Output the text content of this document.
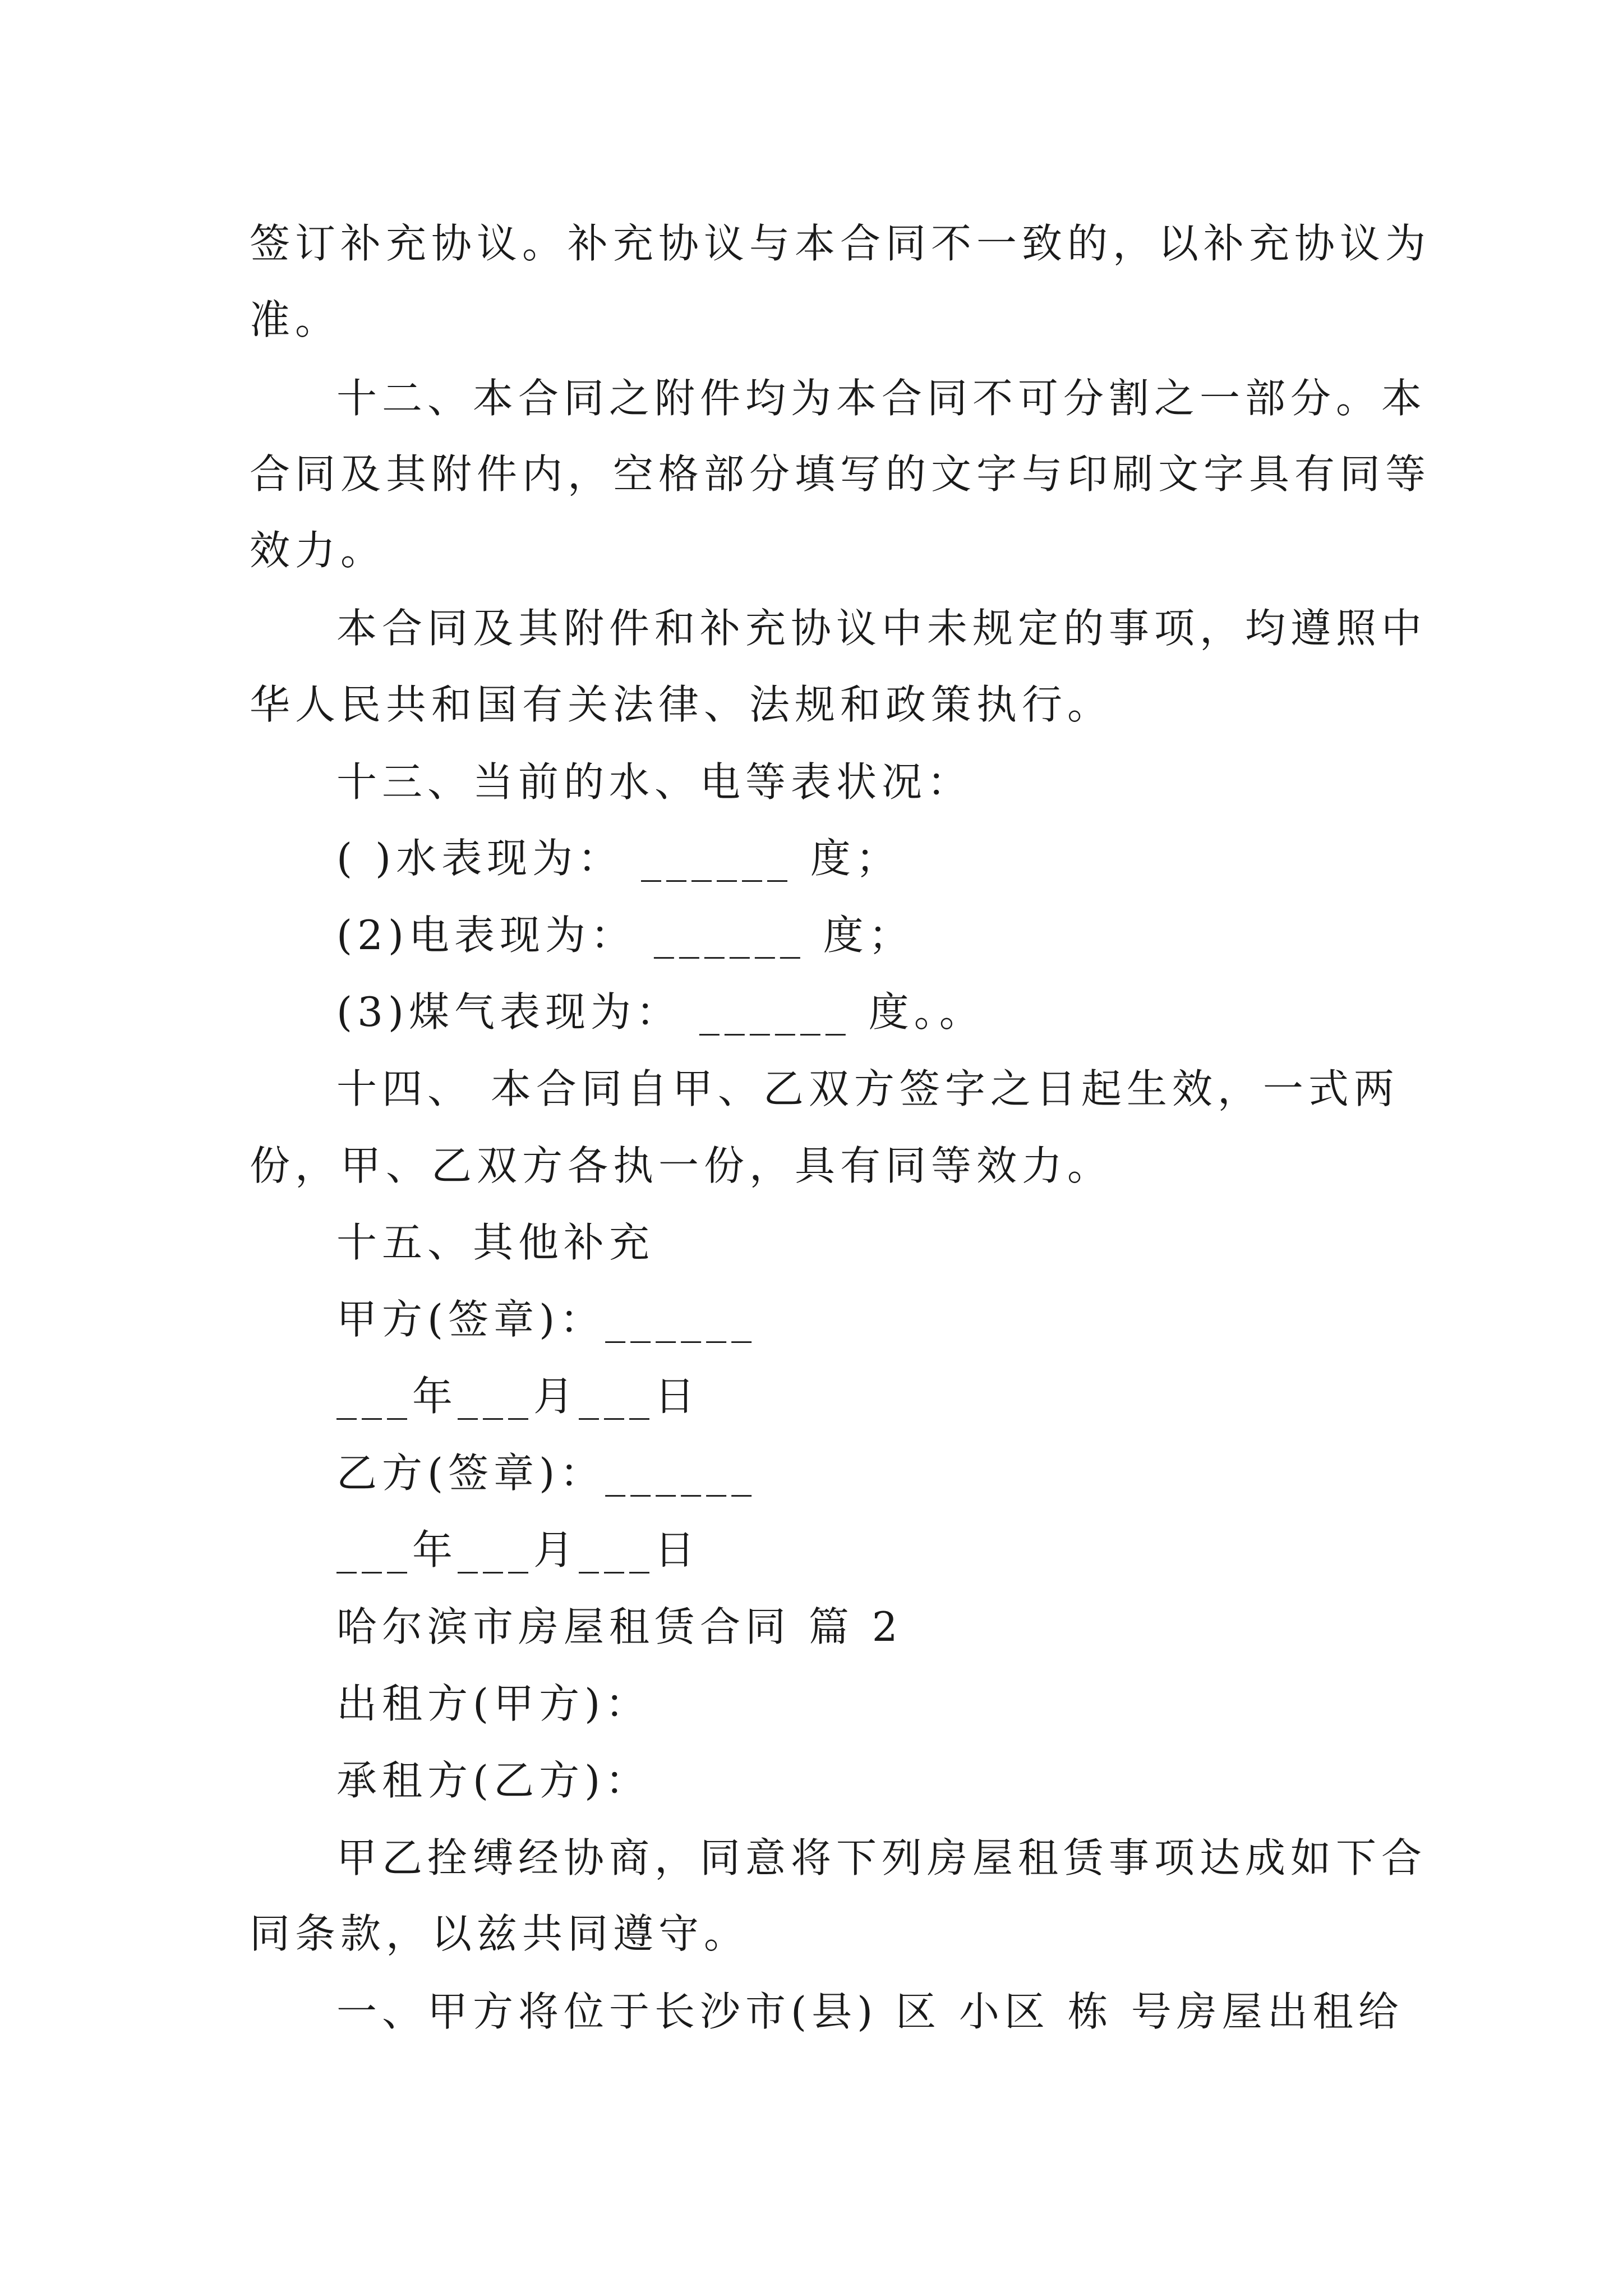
签订补充协议。补充协议与本合同不一致的，以补充协议为
准。
十二、本合同之附件均为本合同不可分割之一部分。本
合同及其附件内，空格部分填写的文字与印刷文字具有同等
效力。
本合同及其附件和补充协议中未规定的事项，均遵照中
华人民共和国有关法律、法规和政策执行。
十三、当前的水、电等表状况：
( )水表现为： ______ 度；
(2)电表现为： ______ 度；
(3)煤气表现为： ______ 度。。
十四、 本合同自甲、乙双方签字之日起生效，一式两
份，甲、乙双方各执一份，具有同等效力。
十五、其他补充
甲方(签章)：______
___年___月___日
乙方(签章)：______
___年___月___日
哈尔滨市房屋租赁合同 篇 2
出租方(甲方)：
承租方(乙方)：
甲乙拴缚经协商，同意将下列房屋租赁事项达成如下合
同条款，以兹共同遵守。
一、甲方将位于长沙市(县) 区 小区 栋 号房屋出租给
